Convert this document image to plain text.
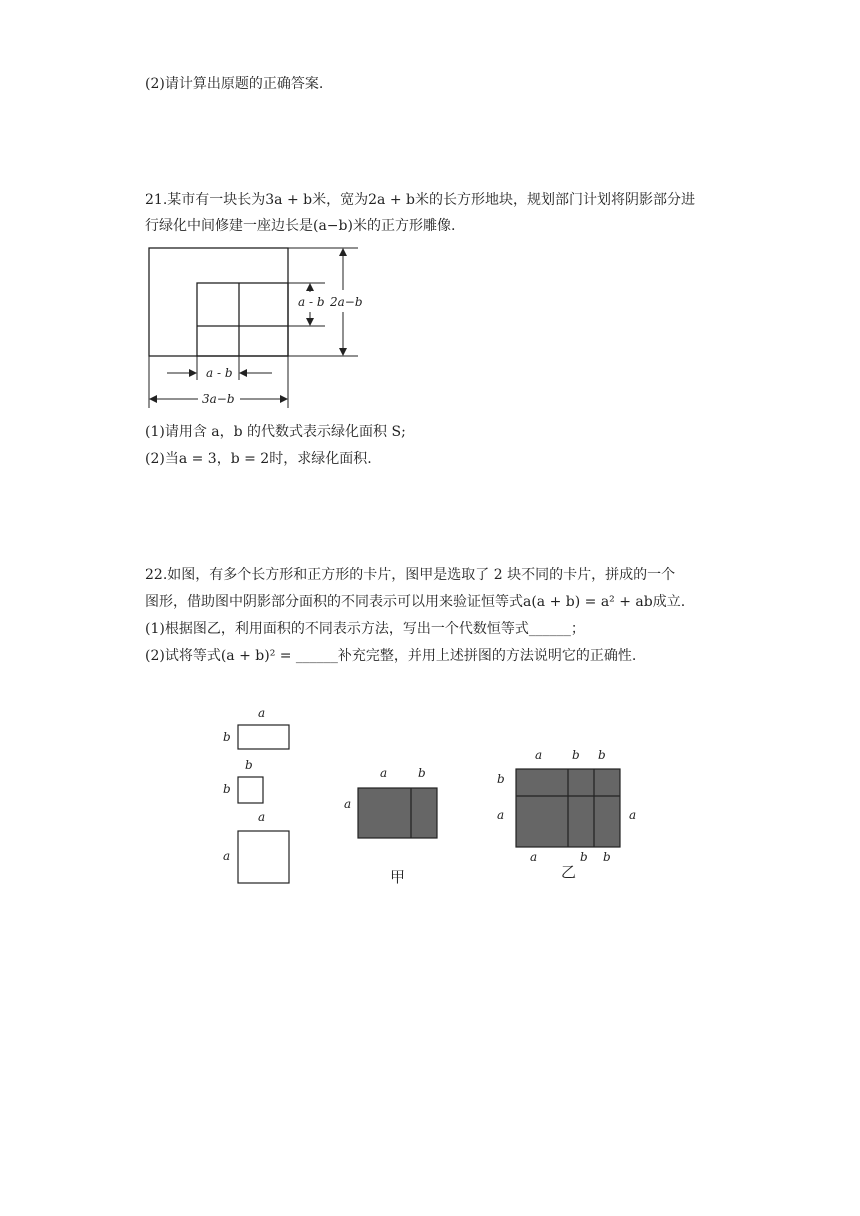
(2)请计算出原题的正确答案.
21.某市有一块长为3a + b米，宽为2a + b米的长方形地块，规划部门计划将阴影部分进
行绿化中间修建一座边长是(a−b)米的正方形雕像.
a - b 2a−b
a - b
3a−b
(1)请用含 a，b 的代数式表示绿化面积 S;
(2)当a = 3，b = 2时，求绿化面积.
22.如图，有多个长方形和正方形的卡片，图甲是选取了 2 块不同的卡片，拼成的一个
图形，借助图中阴影部分面积的不同表示可以用来验证恒等式a(a + b) = a² + ab成立.
(1)根据图乙，利用面积的不同表示方法，写出一个代数恒等式______；
(2)试将等式(a + b)² = ______补充完整，并用上述拼图的方法说明它的正确性.
a
b
b
b
a
a
a	b
a
甲
a b b
b
a	a
a	b b
乙
